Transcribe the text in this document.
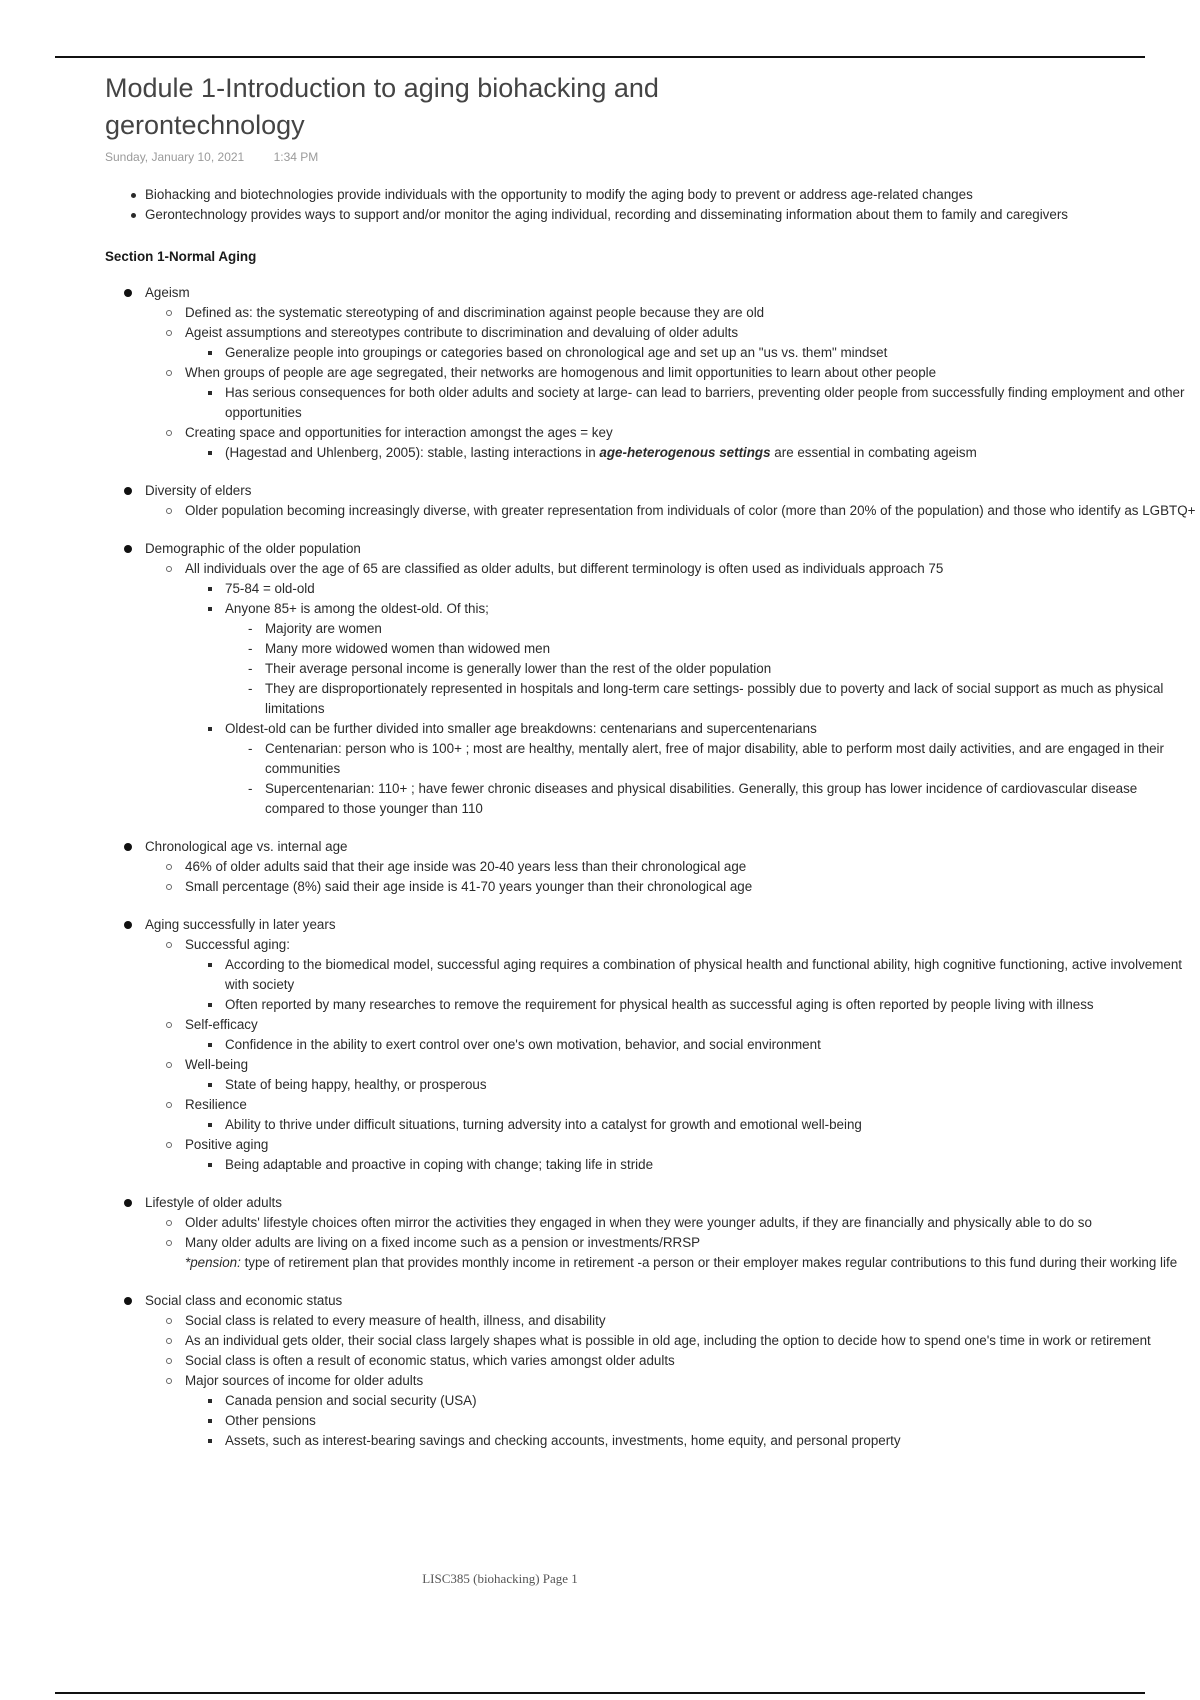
Module 1-Introduction to aging biohacking and gerontechnology
Sunday, January 10, 2021 1:34 PM
Biohacking and biotechnologies provide individuals with the opportunity to modify the aging body to prevent or address age-related changes
Gerontechnology provides ways to support and/or monitor the aging individual, recording and disseminating information about them to family and caregivers
Section 1-Normal Aging
Ageism
Defined as: the systematic stereotyping of and discrimination against people because they are old
Ageist assumptions and stereotypes contribute to discrimination and devaluing of older adults
Generalize people into groupings or categories based on chronological age and set up an "us vs. them" mindset
When groups of people are age segregated, their networks are homogenous and limit opportunities to learn about other people
Has serious consequences for both older adults and society at large- can lead to barriers, preventing older people from successfully finding employment and other opportunities
Creating space and opportunities for interaction amongst the ages = key
(Hagestad and Uhlenberg, 2005): stable, lasting interactions in age-heterogenous settings are essential in combating ageism
Diversity of elders
Older population becoming increasingly diverse, with greater representation from individuals of color (more than 20% of the population) and those who identify as LGBTQ+
Demographic of the older population
All individuals over the age of 65 are classified as older adults, but different terminology is often used as individuals approach 75
75-84 = old-old
Anyone 85+ is among the oldest-old. Of this;
- Majority are women
- Many more widowed women than widowed men
- Their average personal income is generally lower than the rest of the older population
- They are disproportionately represented in hospitals and long-term care settings- possibly due to poverty and lack of social support as much as physical limitations
Oldest-old can be further divided into smaller age breakdowns: centenarians and supercentenarians
- Centenarian: person who is 100+ ; most are healthy, mentally alert, free of major disability, able to perform most daily activities, and are engaged in their communities
- Supercentenarian: 110+ ; have fewer chronic diseases and physical disabilities. Generally, this group has lower incidence of cardiovascular disease compared to those younger than 110
Chronological age vs. internal age
46% of older adults said that their age inside was 20-40 years less than their chronological age
Small percentage (8%) said their age inside is 41-70 years younger than their chronological age
Aging successfully in later years
Successful aging:
According to the biomedical model, successful aging requires a combination of physical health and functional ability, high cognitive functioning, active involvement with society
Often reported by many researches to remove the requirement for physical health as successful aging is often reported by people living with illness
Self-efficacy
Confidence in the ability to exert control over one's own motivation, behavior, and social environment
Well-being
State of being happy, healthy, or prosperous
Resilience
Ability to thrive under difficult situations, turning adversity into a catalyst for growth and emotional well-being
Positive aging
Being adaptable and proactive in coping with change; taking life in stride
Lifestyle of older adults
Older adults' lifestyle choices often mirror the activities they engaged in when they were younger adults, if they are financially and physically able to do so
Many older adults are living on a fixed income such as a pension or investments/RRSP
*pension: type of retirement plan that provides monthly income in retirement -a person or their employer makes regular contributions to this fund during their working life
Social class and economic status
Social class is related to every measure of health, illness, and disability
As an individual gets older, their social class largely shapes what is possible in old age, including the option to decide how to spend one's time in work or retirement
Social class is often a result of economic status, which varies amongst older adults
Major sources of income for older adults
Canada pension and social security (USA)
Other pensions
Assets, such as interest-bearing savings and checking accounts, investments, home equity, and personal property
LISC385 (biohacking) Page 1
